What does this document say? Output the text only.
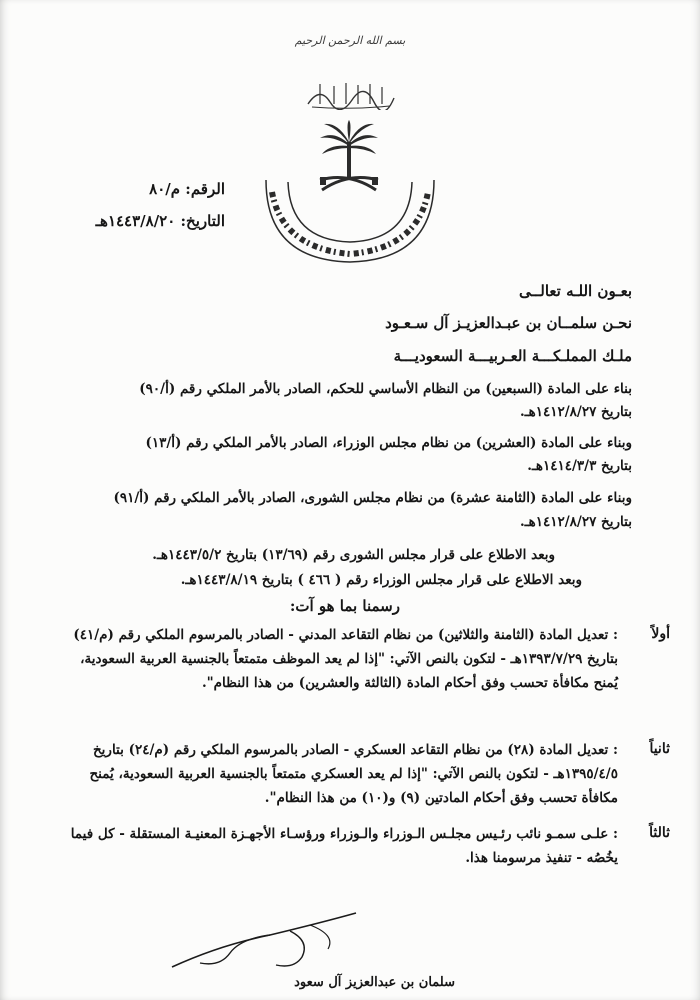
بسم الله الرحمن الرحيم
الرقم: م/٨٠
التاريخ: ١٤٤٣/٨/٢٠هـ
بعـون اللـه تعالــى
نحـن سلمــان بن عبـدالعزيـز آل سـعـود
ملـك المملـكـــة العـربيـــة السعوديـــة
بناء على المادة (السبعين) من النظام الأساسي للحكم، الصادر بالأمر الملكي رقم (أ/٩٠)
بتاريخ ١٤١٢/٨/٢٧هـ.
وبناء على المادة (العشرين) من نظام مجلس الوزراء، الصادر بالأمر الملكي رقم (أ/١٣)
بتاريخ ١٤١٤/٣/٣هـ.
وبناء على المادة (الثامنة عشرة) من نظام مجلس الشورى، الصادر بالأمر الملكي رقم (أ/٩١)
بتاريخ ١٤١٢/٨/٢٧هـ.
وبعد الاطلاع على قرار مجلس الشورى رقم (١٣/٦٩) بتاريخ ١٤٤٣/٥/٢هـ.
وبعد الاطلاع على قرار مجلس الوزراء رقم ( ٤٦٦ ) بتاريخ ١٤٤٣/٨/١٩هـ.
رسمنا بما هو آت:
أولاً
: تعديل المادة (الثامنة والثلاثين) من نظام التقاعد المدني - الصادر بالمرسوم الملكي رقم (م/٤١) بتاريخ ١٣٩٣/٧/٢٩هـ - لتكون بالنص الآتي: "إذا لم يعد الموظف متمتعاً بالجنسية العربية السعودية، يُمنح مكافأة تحسب وفق أحكام المادة (الثالثة والعشرين) من هذا النظام".
ثانياً
: تعديل المادة (٢٨) من نظام التقاعد العسكري - الصادر بالمرسوم الملكي رقم (م/٢٤) بتاريخ ١٣٩٥/٤/٥هـ - لتكون بالنص الآتي: "إذا لم يعد العسكري متمتعاً بالجنسية العربية السعودية، يُمنح مكافأة تحسب وفق أحكام المادتين (٩) و(١٠) من هذا النظام".
ثالثاً
: علـى سمـو نائب رئـيس مجلـس الـوزراء والـوزراء ورؤسـاء الأجهـزة المعنيـة المستقلة - كل فيما يخُصُه - تنفيذ مرسومنا هذا.
سلمان بن عبدالعزيز آل سعود
